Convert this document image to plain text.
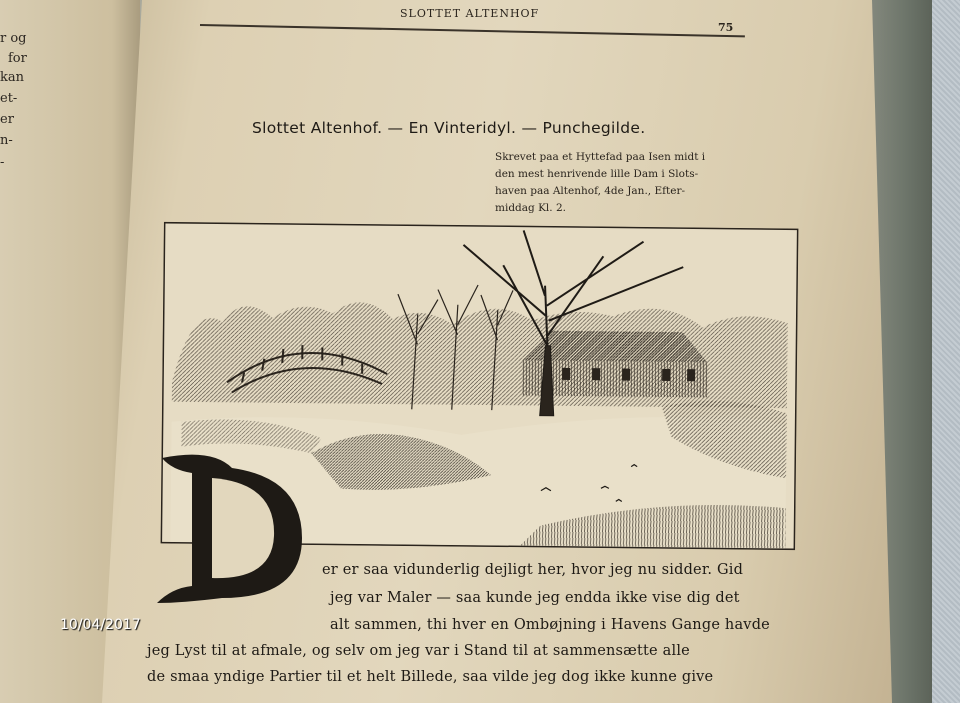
r og
for
kan
et-
er
n-
-
SLOTTET ALTENHOF
75
Slottet Altenhof. — En Vinteridyl. — Punchegilde.
Skrevet paa et Hyttefad paa Isen midt i
den mest henrivende lille Dam i Slots-
haven paa Altenhof, 4de Jan., Efter-
middag Kl. 2.
er er saa vidunderlig dejligt her, hvor jeg nu sidder. Gid
jeg var Maler — saa kunde jeg endda ikke vise dig det
alt sammen, thi hver en Ombøjning i Havens Gange havde
jeg Lyst til at afmale, og selv om jeg var i Stand til at sammensætte alle
de smaa yndige Partier til et helt Billede, saa vilde jeg dog ikke kunne give
10/04/2017
